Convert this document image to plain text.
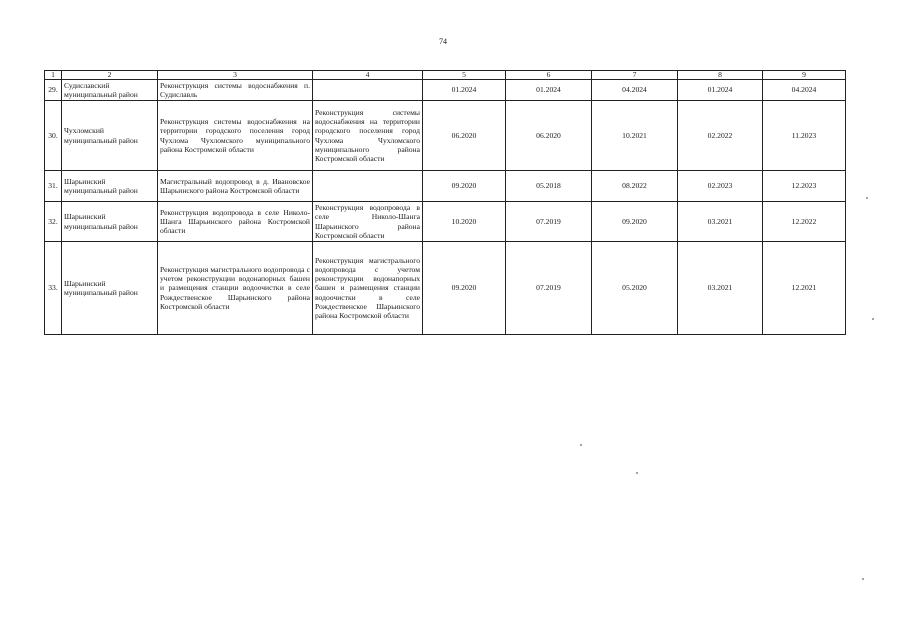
74
1	2	3	4	5	6	7	8	9
29.	Судиславский муниципальный район	Реконструкция системы водоснабжения п. Судиславль		01.2024	01.2024	04.2024	01.2024	04.2024
30.	Чухломский муниципальный район	Реконструкция системы водоснабжения на территории городского поселения город Чухлома Чухломского муниципального района Костромской области	Реконструкция системы водоснабжения на территории городского поселения город Чухлома Чухломского муниципального района Костромской области	06.2020	06.2020	10.2021	02.2022	11.2023
31.	Шарьинский муниципальный район	Магистральный водопровод в д. Ивановское Шарьинского района Костромской области		09.2020	05.2018	08.2022	02.2023	12.2023
32.	Шарьинский муниципальный район	Реконструкция водопровода в селе Николо-Шанга Шарьинского района Костромской области	Реконструкция водопровода в селе Николо-Шанга Шарьинского района Костромской области	10.2020	07.2019	09.2020	03.2021	12.2022
33.	Шарьинский муниципальный район	Реконструкция магистрального водопровода с учетом реконструкции водонапорных башен и размещения станции водоочистки в селе Рождественское Шарьинского района Костромской области	Реконструкция магистрального водопровода с учетом реконструкции водонапорных башен и размещения станции водоочистки в селе Рождественское Шарьинского района Костромской области	09.2020	07.2019	05.2020	03.2021	12.2021
